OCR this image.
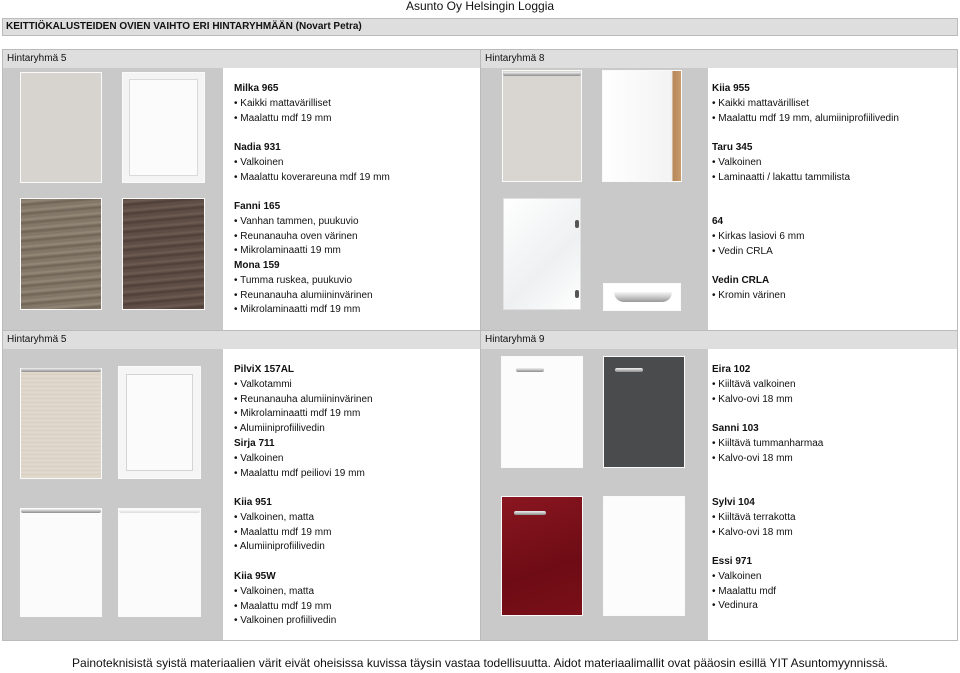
Asunto Oy Helsingin Loggia
KEITTIÖKALUSTEIDEN OVIEN VAIHTO ERI HINTARYHMÄÄN (Novart Petra)
Hintaryhmä 5	Hintaryhmä 8
Hintaryhmä 5	Hintaryhmä 9
Milka 965
• Kaikki mattavärilliset
• Maalattu mdf 19 mm
Nadia 931
• Valkoinen
• Maalattu koverareuna mdf 19 mm
Fanni 165
• Vanhan tammen, puukuvio
• Reunanauha oven värinen
• Mikrolaminaatti 19 mm
Mona 159
• Tumma ruskea, puukuvio
• Reunanauha alumiininvärinen
• Mikrolaminaatti mdf 19 mm
Kiia 955
• Kaikki mattavärilliset
• Maalattu mdf 19 mm, alumiiniprofiilivedin
Taru 345
• Valkoinen
• Laminaatti / lakattu tammilista
64
• Kirkas lasiovi 6 mm
• Vedin CRLA
Vedin CRLA
• Kromin värinen
PilviX 157AL
• Valkotammi
• Reunanauha alumiininvärinen
• Mikrolaminaatti mdf 19 mm
• Alumiiniprofiilivedin
Sirja 711
• Valkoinen
• Maalattu mdf peiliovi 19 mm
Kiia 951
• Valkoinen, matta
• Maalattu mdf 19 mm
• Alumiiniprofiilivedin
Kiia 95W
• Valkoinen, matta
• Maalattu mdf 19 mm
• Valkoinen profiilivedin
Eira 102
• Kiiltävä valkoinen
• Kalvo-ovi 18 mm
Sanni 103
• Kiiltävä tummanharmaa
• Kalvo-ovi 18 mm
Sylvi 104
• Kiiltävä terrakotta
• Kalvo-ovi 18 mm
Essi 971
• Valkoinen
• Maalattu mdf
• Vedinura
Painoteknisistä syistä materiaalien värit eivät oheisissa kuvissa täysin vastaa todellisuutta. Aidot materiaalimallit ovat pääosin esillä YIT Asuntomyynnissä.
